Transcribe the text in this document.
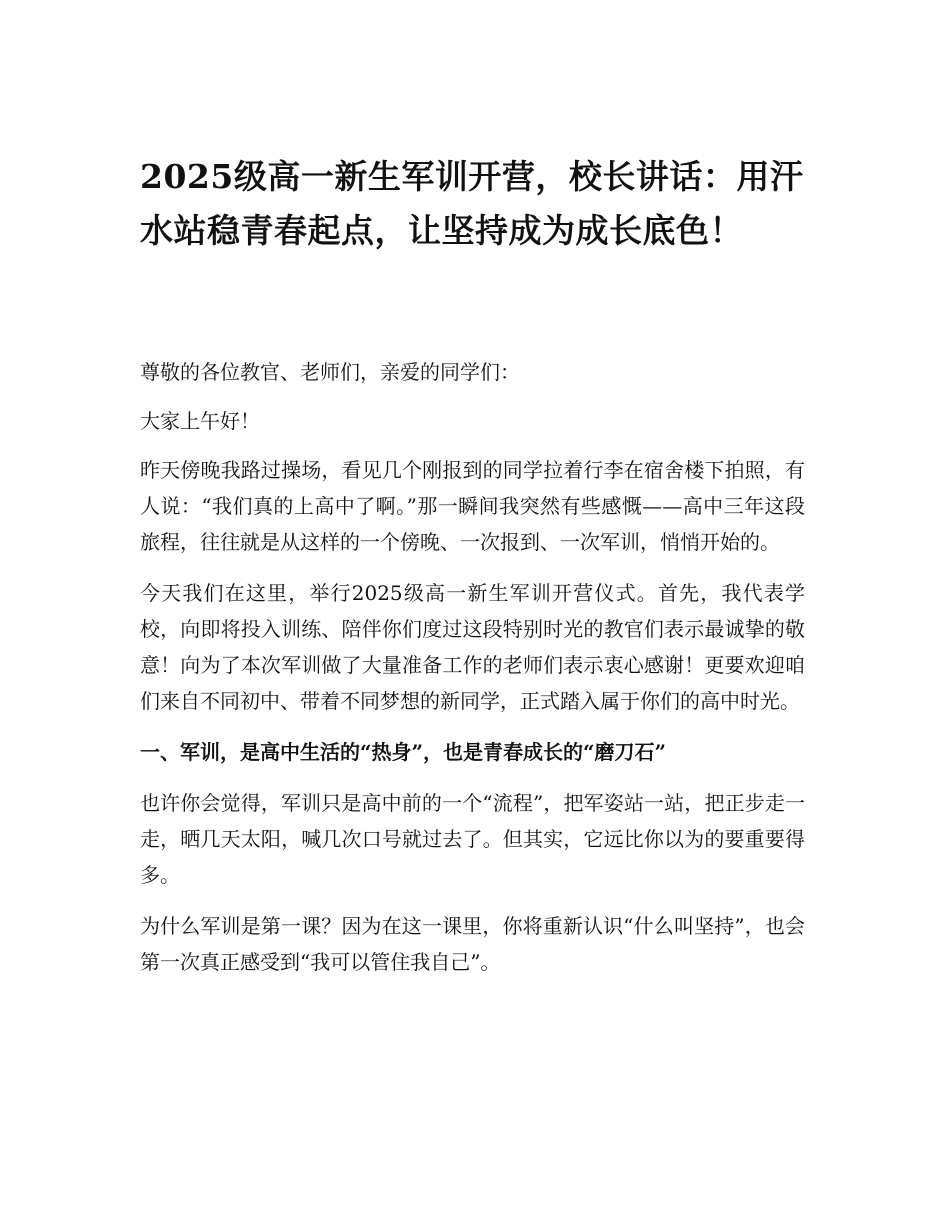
2025级高一新生军训开营，校长讲话：用汗水站稳青春起点，让坚持成为成长底色！

尊敬的各位教官、老师们，亲爱的同学们：

大家上午好！

昨天傍晚我路过操场，看见几个刚报到的同学拉着行李在宿舍楼下拍照，有人说：“我们真的上高中了啊。”那一瞬间我突然有些感慨——高中三年这段旅程，往往就是从这样的一个傍晚、一次报到、一次军训，悄悄开始的。

今天我们在这里，举行2025级高一新生军训开营仪式。首先，我代表学校，向即将投入训练、陪伴你们度过这段特别时光的教官们表示最诚挚的敬意！向为了本次军训做了大量准备工作的老师们表示衷心感谢！更要欢迎咱们来自不同初中、带着不同梦想的新同学，正式踏入属于你们的高中时光。

一、军训，是高中生活的“热身”，也是青春成长的“磨刀石”

也许你会觉得，军训只是高中前的一个“流程”，把军姿站一站，把正步走一走，晒几天太阳，喊几次口号就过去了。但其实，它远比你以为的要重要得多。

为什么军训是第一课？因为在这一课里，你将重新认识“什么叫坚持”，也会第一次真正感受到“我可以管住我自己”。
